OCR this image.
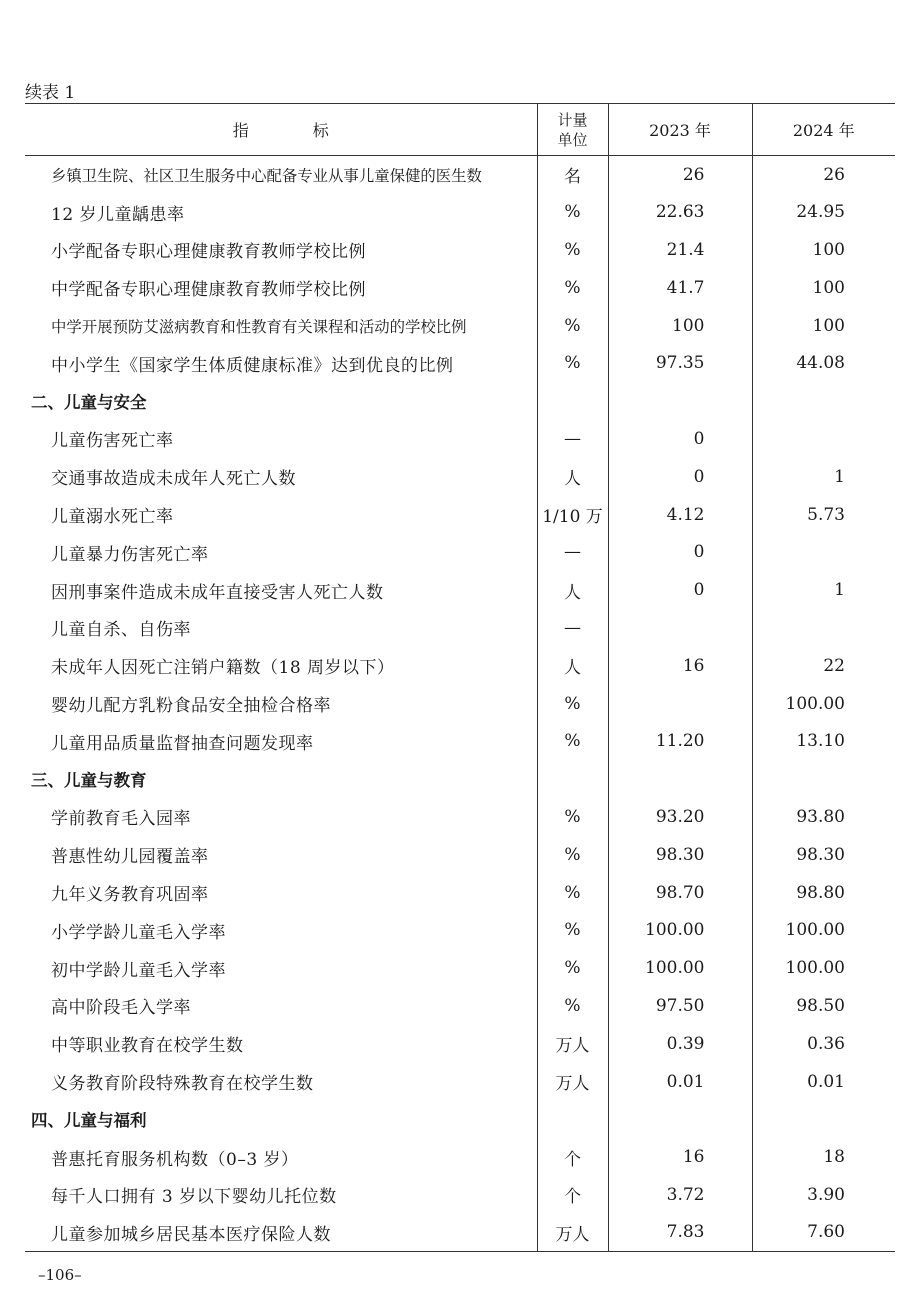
续表 1
指　　　　标	计量
单位	2023 年	2024 年
乡镇卫生院、社区卫生服务中心配备专业从事儿童保健的医生数	名	26	26
12 岁儿童龋患率	%	22.63	24.95
小学配备专职心理健康教育教师学校比例	%	21.4	100
中学配备专职心理健康教育教师学校比例	%	41.7	100
中学开展预防艾滋病教育和性教育有关课程和活动的学校比例	%	100	100
中小学生《国家学生体质健康标准》达到优良的比例	%	97.35	44.08
二、儿童与安全			
儿童伤害死亡率	—	0	
交通事故造成未成年人死亡人数	人	0	1
儿童溺水死亡率	1/10 万	4.12	5.73
儿童暴力伤害死亡率	—	0	
因刑事案件造成未成年直接受害人死亡人数	人	0	1
儿童自杀、自伤率	—		
未成年人因死亡注销户籍数（18 周岁以下）	人	16	22
婴幼儿配方乳粉食品安全抽检合格率	%		100.00
儿童用品质量监督抽查问题发现率	%	11.20	13.10
三、儿童与教育			
学前教育毛入园率	%	93.20	93.80
普惠性幼儿园覆盖率	%	98.30	98.30
九年义务教育巩固率	%	98.70	98.80
小学学龄儿童毛入学率	%	100.00	100.00
初中学龄儿童毛入学率	%	100.00	100.00
高中阶段毛入学率	%	97.50	98.50
中等职业教育在校学生数	万人	0.39	0.36
义务教育阶段特殊教育在校学生数	万人	0.01	0.01
四、儿童与福利			
普惠托育服务机构数（0–3 岁）	个	16	18
每千人口拥有 3 岁以下婴幼儿托位数	个	3.72	3.90
儿童参加城乡居民基本医疗保险人数	万人	7.83	7.60
–106–
